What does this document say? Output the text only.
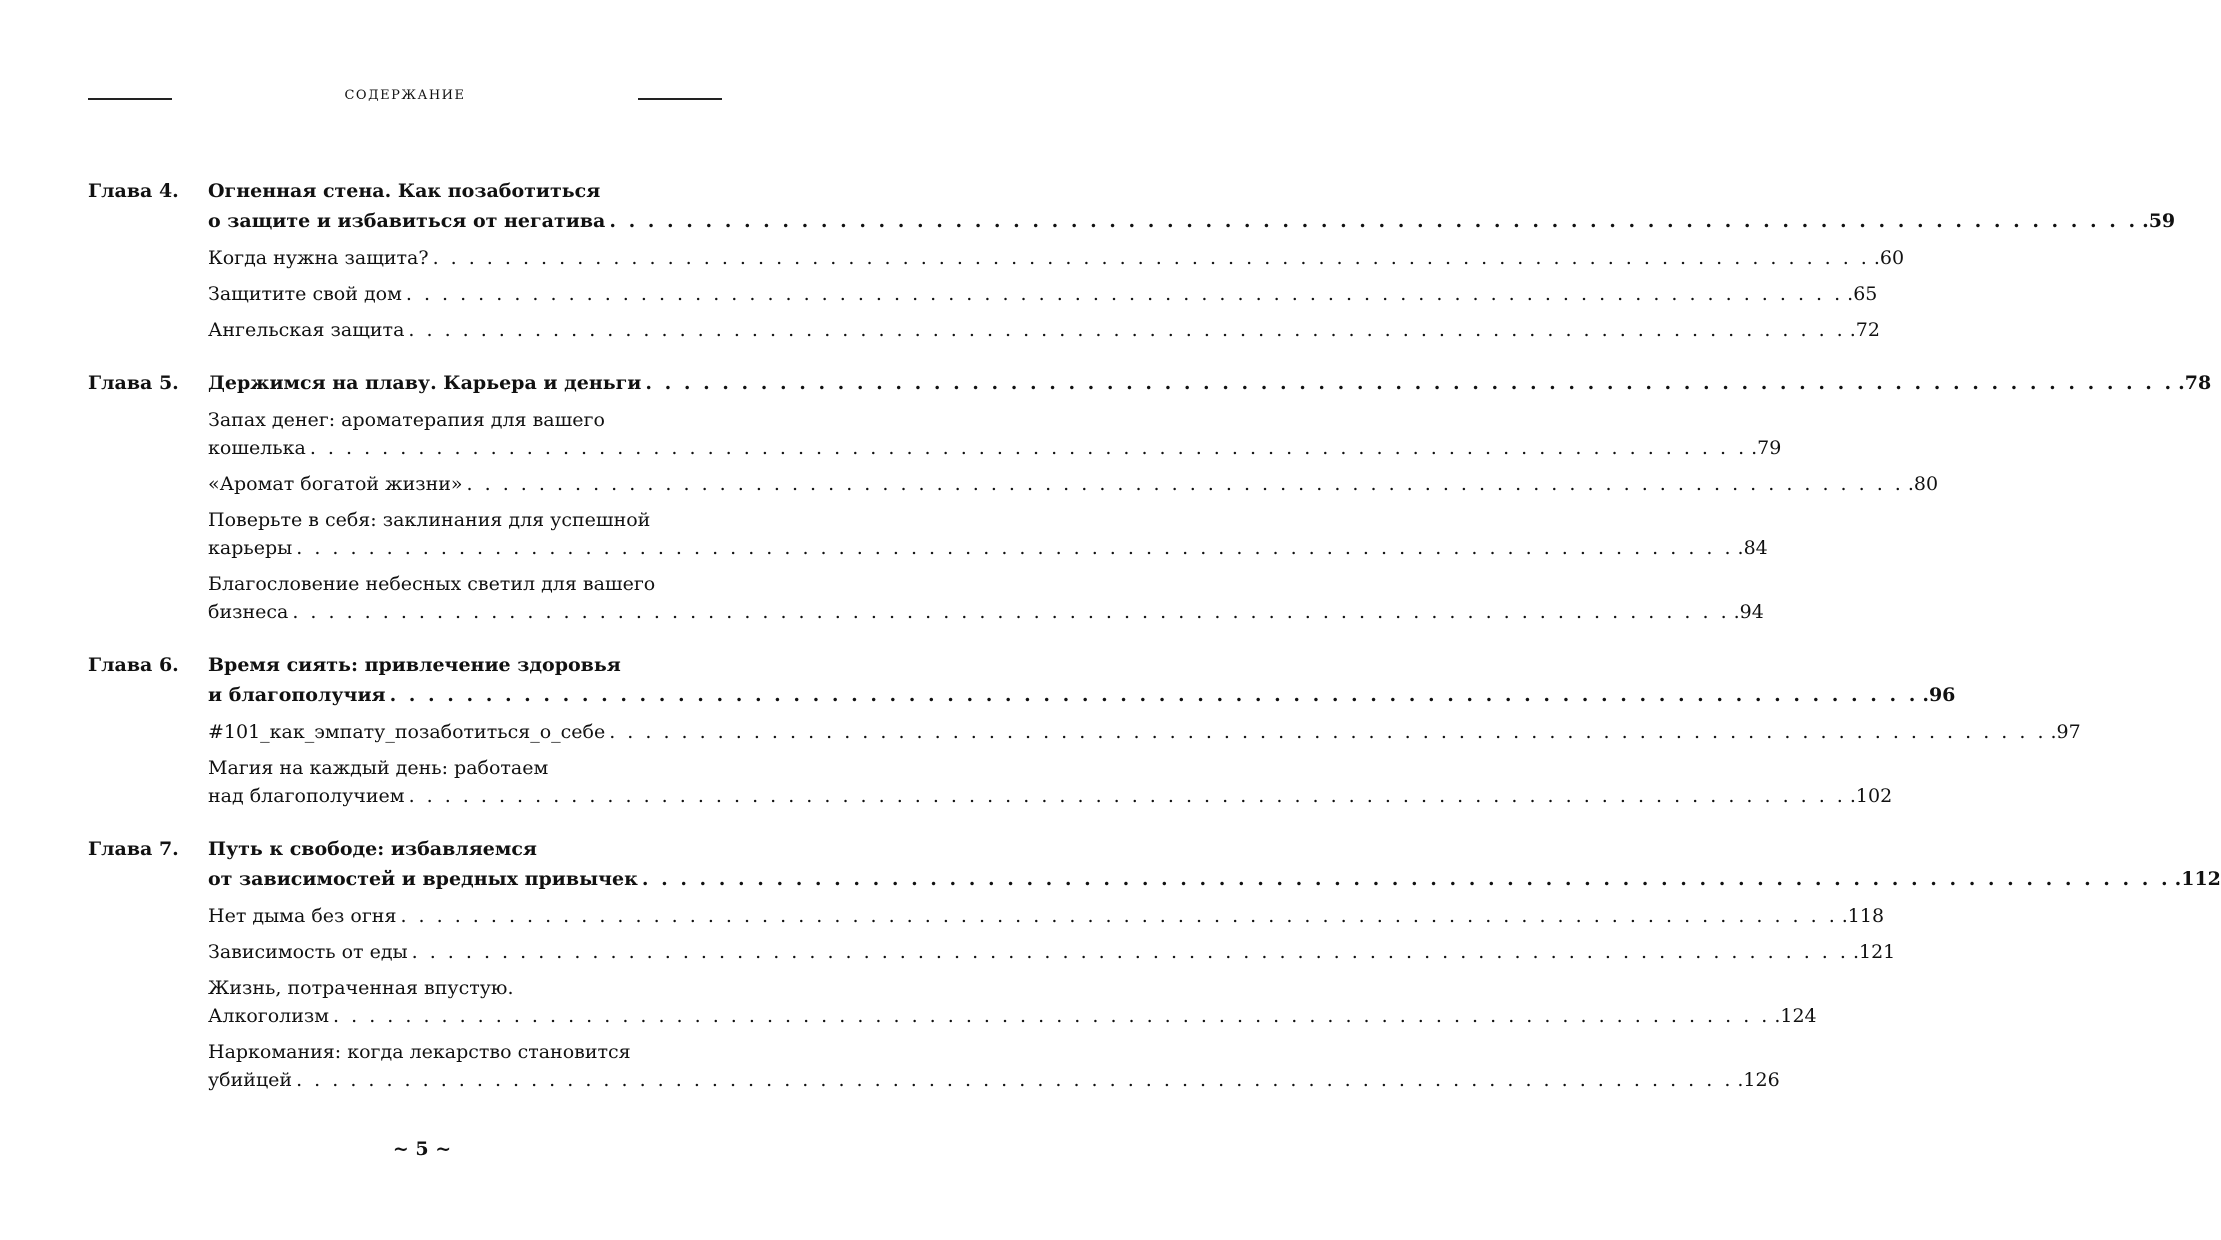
СОДЕРЖАНИЕ
Глава 4.	Огненная стена. Как позаботиться
о защите и избавиться от негатива . . . . . . . . . . . . . . . . . . . . . . . . . . . . . . . . . . . . . . . . . . . . . . . . . . . . . . . . . . . . . . . . . . . . . . . . . . . . . . . . .59
Когда нужна защита? . . . . . . . . . . . . . . . . . . . . . . . . . . . . . . . . . . . . . . . . . . . . . . . . . . . . . . . . . . . . . . . . . . . . . . . . . . . . . . . . .60
Защитите свой дом . . . . . . . . . . . . . . . . . . . . . . . . . . . . . . . . . . . . . . . . . . . . . . . . . . . . . . . . . . . . . . . . . . . . . . . . . . . . . . . . .65
Ангельская защита . . . . . . . . . . . . . . . . . . . . . . . . . . . . . . . . . . . . . . . . . . . . . . . . . . . . . . . . . . . . . . . . . . . . . . . . . . . . . . . . .72
Глава 5.	Держимся на плаву. Карьера и деньги . . . . . . . . . . . . . . . . . . . . . . . . . . . . . . . . . . . . . . . . . . . . . . . . . . . . . . . . . . . . . . . . . . . . . . . . . . . . . . . . .78
Запах денег: ароматерапия для вашего
кошелька . . . . . . . . . . . . . . . . . . . . . . . . . . . . . . . . . . . . . . . . . . . . . . . . . . . . . . . . . . . . . . . . . . . . . . . . . . . . . . . . .79
«Аромат богатой жизни» . . . . . . . . . . . . . . . . . . . . . . . . . . . . . . . . . . . . . . . . . . . . . . . . . . . . . . . . . . . . . . . . . . . . . . . . . . . . . . . . .80
Поверьте в себя: заклинания для успешной
карьеры . . . . . . . . . . . . . . . . . . . . . . . . . . . . . . . . . . . . . . . . . . . . . . . . . . . . . . . . . . . . . . . . . . . . . . . . . . . . . . . . .84
Благословение небесных светил для вашего
бизнеса . . . . . . . . . . . . . . . . . . . . . . . . . . . . . . . . . . . . . . . . . . . . . . . . . . . . . . . . . . . . . . . . . . . . . . . . . . . . . . . . .94
Глава 6.	Время сиять: привлечение здоровья
и благополучия . . . . . . . . . . . . . . . . . . . . . . . . . . . . . . . . . . . . . . . . . . . . . . . . . . . . . . . . . . . . . . . . . . . . . . . . . . . . . . . . .96
#101_как_эмпату_позаботиться_о_себе . . . . . . . . . . . . . . . . . . . . . . . . . . . . . . . . . . . . . . . . . . . . . . . . . . . . . . . . . . . . . . . . . . . . . . . . . . . . . . . . .97
Магия на каждый день: работаем
над благополучием . . . . . . . . . . . . . . . . . . . . . . . . . . . . . . . . . . . . . . . . . . . . . . . . . . . . . . . . . . . . . . . . . . . . . . . . . . . . . . . . .102
Глава 7.	Путь к свободе: избавляемся
от зависимостей и вредных привычек . . . . . . . . . . . . . . . . . . . . . . . . . . . . . . . . . . . . . . . . . . . . . . . . . . . . . . . . . . . . . . . . . . . . . . . . . . . . . . . . .112
Нет дыма без огня . . . . . . . . . . . . . . . . . . . . . . . . . . . . . . . . . . . . . . . . . . . . . . . . . . . . . . . . . . . . . . . . . . . . . . . . . . . . . . . . .118
Зависимость от еды . . . . . . . . . . . . . . . . . . . . . . . . . . . . . . . . . . . . . . . . . . . . . . . . . . . . . . . . . . . . . . . . . . . . . . . . . . . . . . . . .121
Жизнь, потраченная впустую.
Алкоголизм . . . . . . . . . . . . . . . . . . . . . . . . . . . . . . . . . . . . . . . . . . . . . . . . . . . . . . . . . . . . . . . . . . . . . . . . . . . . . . . . .124
Наркомания: когда лекарство становится
убийцей . . . . . . . . . . . . . . . . . . . . . . . . . . . . . . . . . . . . . . . . . . . . . . . . . . . . . . . . . . . . . . . . . . . . . . . . . . . . . . . . .126
~ 5 ~
